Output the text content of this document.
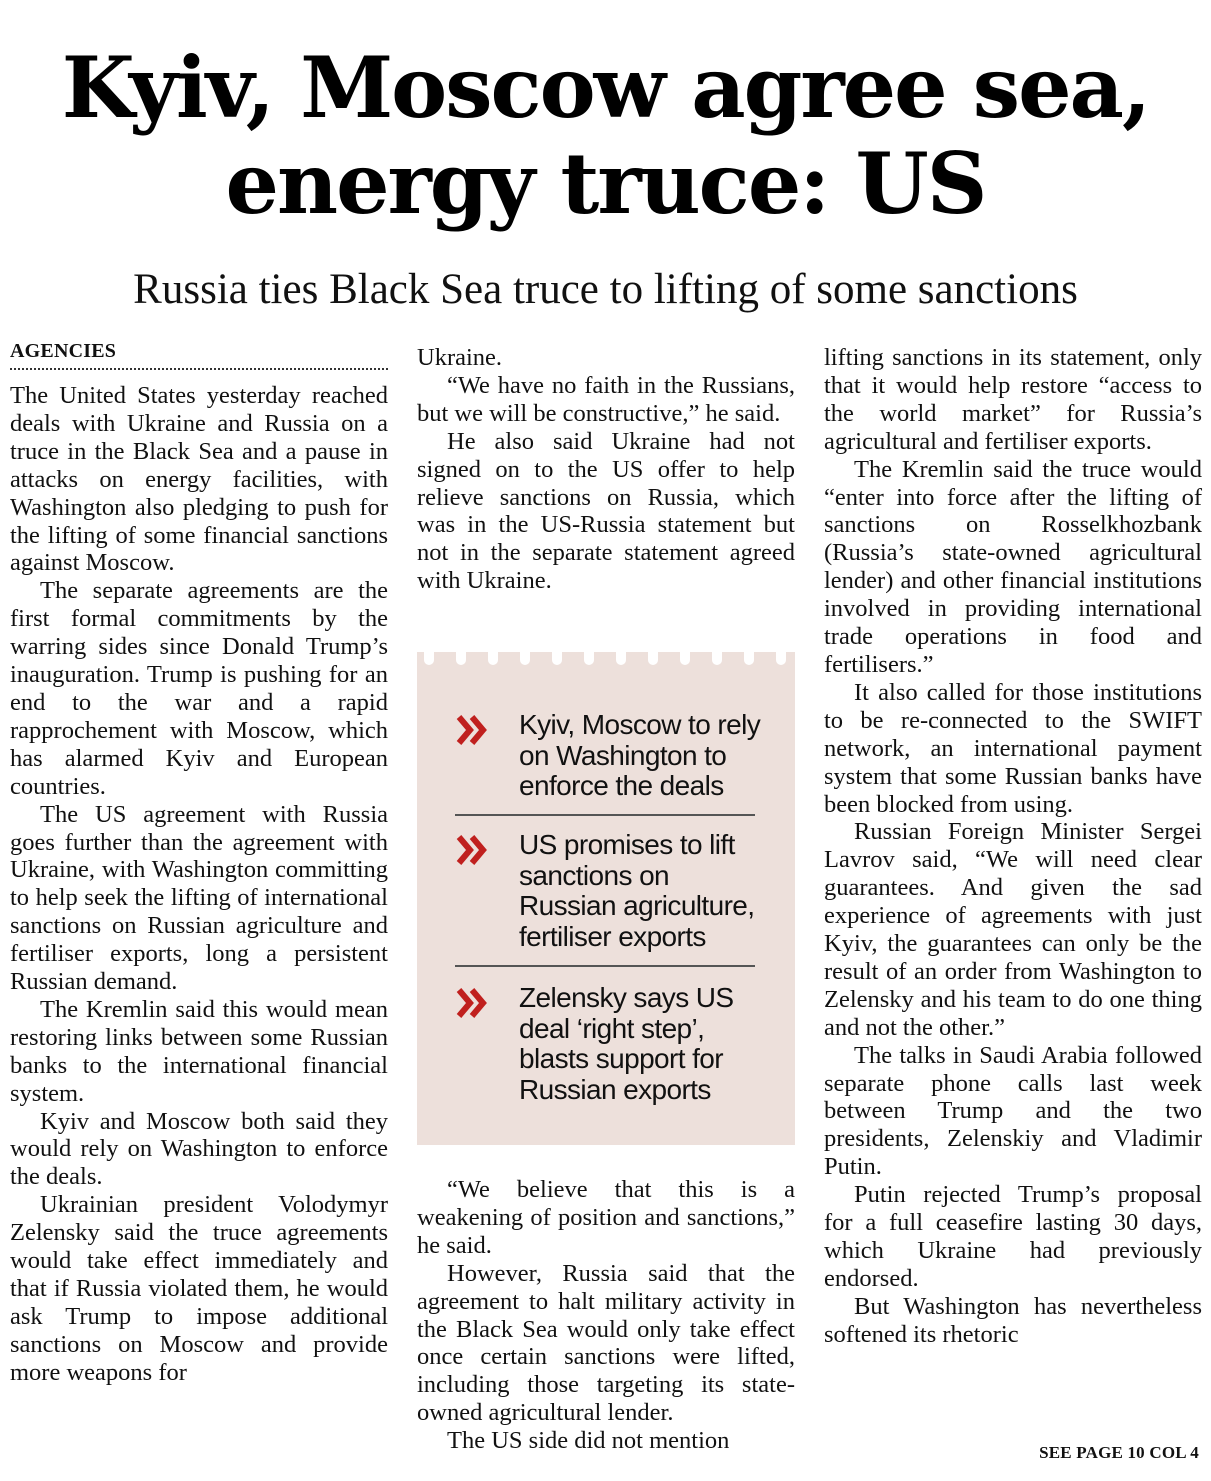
Kyiv, Moscow agree sea,
energy truce: US
Russia ties Black Sea truce to lifting of some sanctions
AGENCIES

The United States yesterday reached deals with Ukraine and Russia on a truce in the Black Sea and a pause in attacks on energy facilities, with Washington also pledging to push for the lifting of some financial sanctions against Moscow.

The separate agreements are the first formal commitments by the warring sides since Donald Trump’s inauguration. Trump is pushing for an end to the war and a rapid rapprochement with Moscow, which has alarmed Kyiv and European countries.

The US agreement with Russia goes further than the agreement with Ukraine, with Washington committing to help seek the lifting of international sanctions on Russian agriculture and fertiliser exports, long a persistent Russian demand.

The Kremlin said this would mean restoring links between some Russian banks to the international financial system.

Kyiv and Moscow both said they would rely on Washington to enforce the deals.

Ukrainian president Volodymyr Zelensky said the truce agreements would take effect immediately and that if Russia violated them, he would ask Trump to impose additional sanctions on Moscow and provide more weapons for

Ukraine.

“We have no faith in the Russians, but we will be constructive,” he said.

He also said Ukraine had not signed on to the US offer to help relieve sanctions on Russia, which was in the US-Russia statement but not in the separate statement agreed with Ukraine.

“We believe that this is a weakening of position and sanctions,” he said.

However, Russia said that the agreement to halt military activity in the Black Sea would only take effect once certain sanctions were lifted, including those targeting its state-owned agricultural lender.

The US side did not mention

Kyiv, Moscow to rely on Washington to enforce the deals
US promises to lift sanctions on Russian agriculture, fertiliser exports
Zelensky says US deal ‘right step’, blasts support for Russian exports

lifting sanctions in its statement, only that it would help restore “access to the world market” for Russia’s agricultural and fertiliser exports.

The Kremlin said the truce would “enter into force after the lifting of sanctions on Rosselkhozbank (Russia’s state-owned agricultural lender) and other financial institutions involved in providing international trade operations in food and fertilisers.”

It also called for those institutions to be re-connected to the SWIFT network, an international payment system that some Russian banks have been blocked from using.

Russian Foreign Minister Sergei Lavrov said, “We will need clear guarantees. And given the sad experience of agreements with just Kyiv, the guarantees can only be the result of an order from Washington to Zelensky and his team to do one thing and not the other.”

The talks in Saudi Arabia followed separate phone calls last week between Trump and the two presidents, Zelenskiy and Vladimir Putin.

Putin rejected Trump’s proposal for a full ceasefire lasting 30 days, which Ukraine had previously endorsed.

But Washington has nevertheless softened its rhetoric

SEE PAGE 10 COL 4
